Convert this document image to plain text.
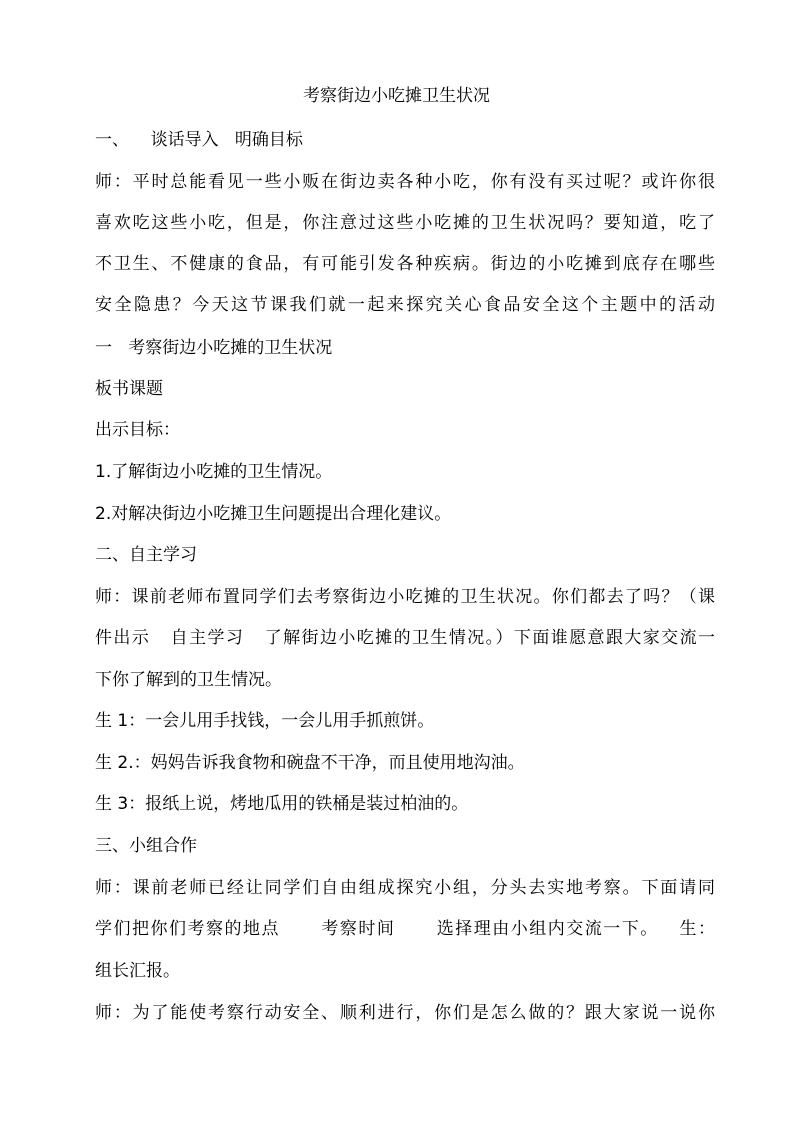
考察街边小吃摊卫生状况

一、    谈话导入   明确目标

师：平时总能看见一些小贩在街边卖各种小吃，你有没有买过呢？或许你很

喜欢吃这些小吃，但是，你注意过这些小吃摊的卫生状况吗？要知道，吃了

不卫生、不健康的食品，有可能引发各种疾病。街边的小吃摊到底存在哪些

安全隐患？今天这节课我们就一起来探究关心食品安全这个主题中的活动

一   考察街边小吃摊的卫生状况

板书课题

出示目标：

1.了解街边小吃摊的卫生情况。

2.对解决街边小吃摊卫生问题提出合理化建议。

二、自主学习

师：课前老师布置同学们去考察街边小吃摊的卫生状况。你们都去了吗？（课

件出示   自主学习   了解街边小吃摊的卫生情况。）下面谁愿意跟大家交流一

下你了解到的卫生情况。

生 1：一会儿用手找钱，一会儿用手抓煎饼。

生 2.：妈妈告诉我食物和碗盘不干净，而且使用地沟油。

生 3：报纸上说，烤地瓜用的铁桶是装过柏油的。

三、小组合作

师：课前老师已经让同学们自由组成探究小组，分头去实地考察。下面请同

学们把你们考察的地点      考察时间      选择理由小组内交流一下。   生：

组长汇报。

师：为了能使考察行动安全、顺利进行，你们是怎么做的？跟大家说一说你
